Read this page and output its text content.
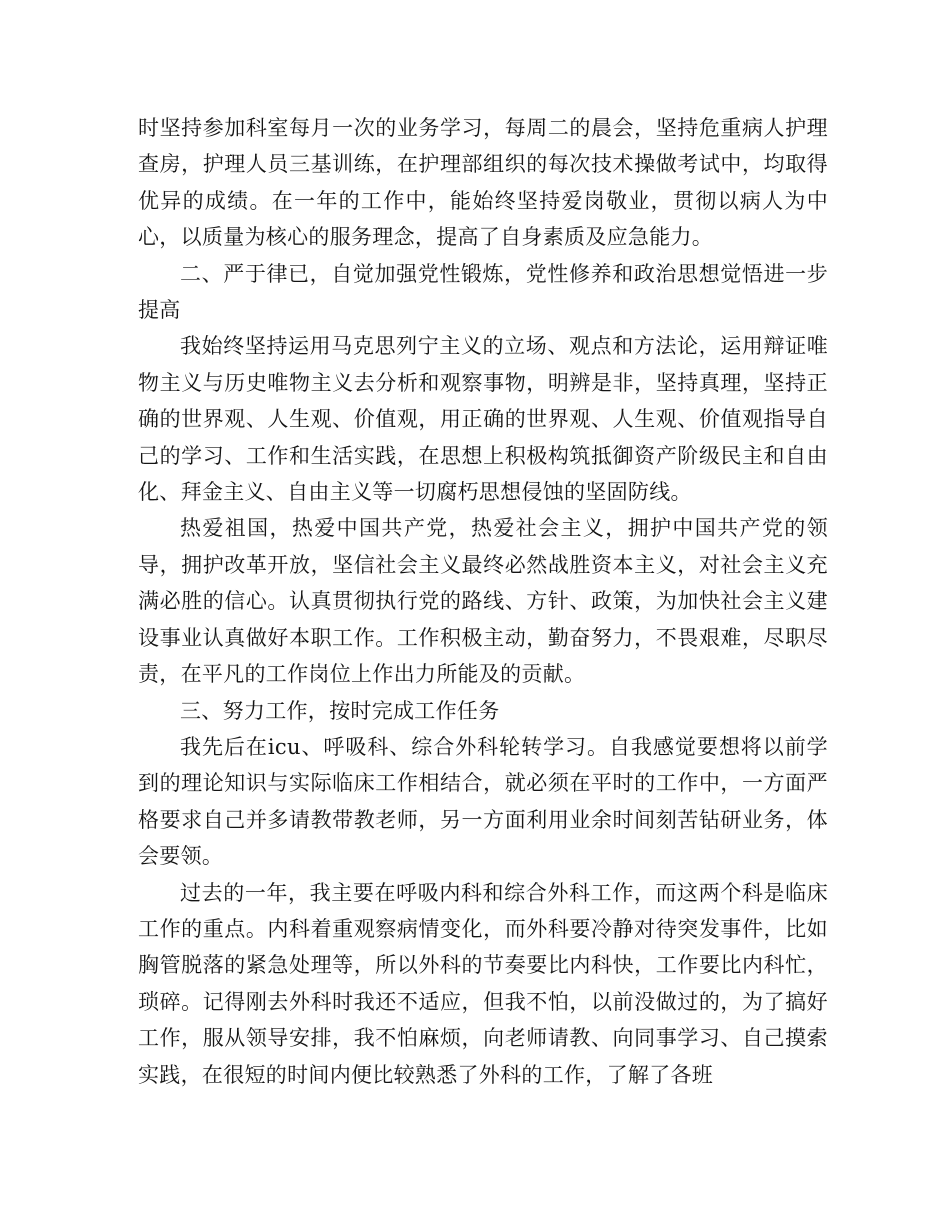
时坚持参加科室每月一次的业务学习，每周二的晨会，坚持危重病人护理查房，护理人员三基训练，在护理部组织的每次技术操做考试中，均取得优异的成绩。在一年的工作中，能始终坚持爱岗敬业，贯彻以病人为中心，以质量为核心的服务理念，提高了自身素质及应急能力。

二、严于律已，自觉加强党性锻炼，党性修养和政治思想觉悟进一步提高

我始终坚持运用马克思列宁主义的立场、观点和方法论，运用辩证唯物主义与历史唯物主义去分析和观察事物，明辨是非，坚持真理，坚持正确的世界观、人生观、价值观，用正确的世界观、人生观、价值观指导自己的学习、工作和生活实践，在思想上积极构筑抵御资产阶级民主和自由化、拜金主义、自由主义等一切腐朽思想侵蚀的坚固防线。

热爱祖国，热爱中国共产党，热爱社会主义，拥护中国共产党的领导，拥护改革开放，坚信社会主义最终必然战胜资本主义，对社会主义充满必胜的信心。认真贯彻执行党的路线、方针、政策，为加快社会主义建设事业认真做好本职工作。工作积极主动，勤奋努力，不畏艰难，尽职尽责，在平凡的工作岗位上作出力所能及的贡献。

三、努力工作，按时完成工作任务

我先后在icu、呼吸科、综合外科轮转学习。自我感觉要想将以前学到的理论知识与实际临床工作相结合，就必须在平时的工作中，一方面严格要求自己并多请教带教老师，另一方面利用业余时间刻苦钻研业务，体会要领。

过去的一年，我主要在呼吸内科和综合外科工作，而这两个科是临床工作的重点。内科着重观察病情变化，而外科要冷静对待突发事件，比如胸管脱落的紧急处理等，所以外科的节奏要比内科快，工作要比内科忙，琐碎。记得刚去外科时我还不适应，但我不怕，以前没做过的，为了搞好工作，服从领导安排，我不怕麻烦，向老师请教、向同事学习、自己摸索实践，在很短的时间内便比较熟悉了外科的工作，了解了各班
